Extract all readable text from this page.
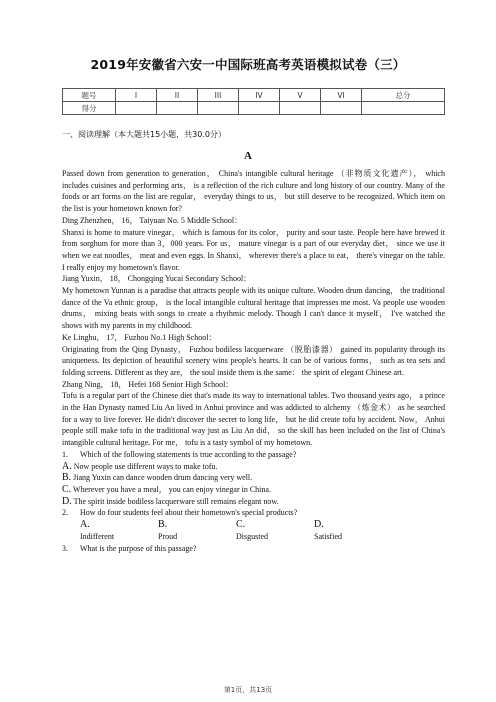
2019年安徽省六安一中国际班高考英语模拟试卷（三）
题号	I	II	III	IV	V	VI	总分
得分							
一、阅读理解（本大题共15小题，共30.0分）
A

Passed down from generation to generation， China's intangible cultural heritage （非物质文化遗产）， which includes cuisines and performing arts， is a reflection of the rich culture and long history of our country. Many of the foods or art forms on the list are regular， everyday things to us， but still deserve to be recognized. Which item on the list is your hometown known for?

Ding Zhenzhen， 16， Taiyuan No. 5 Middle School：

Shanxi is home to mature vinegar， which is famous for its color， purity and sour taste. People here have brewed it from sorghum for more than 3，000 years. For us， mature vinegar is a part of our everyday diet， since we use it when we eat noodles， meat and even eggs. In Shanxi， wherever there's a place to eat， there's vinegar on the table. I really enjoy my hometown's flavor.

Jiang Yuxin， 18， Chongqing Yucai Secondary School：

My hometown Yunnan is a paradise that attracts people with its unique culture. Wooden drum dancing， the traditional dance of the Va ethnic group， is the local intangible cultural heritage that impresses me most. Va people use wooden drums， mixing beats with songs to create a rhythmic melody. Though I can't dance it myself， I've watched the shows with my parents in my childhood.

Ke Linghu， 17， Fuzhou No.1 High School：

Originating from the Qing Dynasty， Fuzhou bodiless lacquerware （脱胎漆器） gained its popularity through its uniqueness. Its depiction of beautiful scenery wins people's hearts. It can be of various forms， such as tea sets and folding screens. Different as they are， the soul inside them is the same： the spirit of elegant Chinese art.

Zhang Ning， 18， Hefei 168 Senior High School：

Tofu is a regular part of the Chinese diet that's made its way to international tables. Two thousand years ago， a prince in the Han Dynasty named Liu An lived in Anhui province and was addicted to alchemy （炼金术） as he searched for a way to live forever. He didn't discover the secret to long life， but he did create tofu by accident. Now， Anhui people still make tofu in the traditional way just as Liu An did， so the skill has been included on the list of China's intangible cultural heritage. For me， tofu is a tasty symbol of my hometown.

1. Which of the following statements is true according to the passage?

A. Now people use different ways to make tofu.

B. Jiang Yuxin can dance wooden drum dancing very well.

C. Wherever you have a meal， you can enjoy vinegar in China.

D. The spirit inside bodiless lacquerware still remains elegant now.

2. How do four students feel about their hometown's special products?

A. Indifferent
B. Proud
C. Disgusted
D. Satisfied

3. What is the purpose of this passage?

第1页，共13页
